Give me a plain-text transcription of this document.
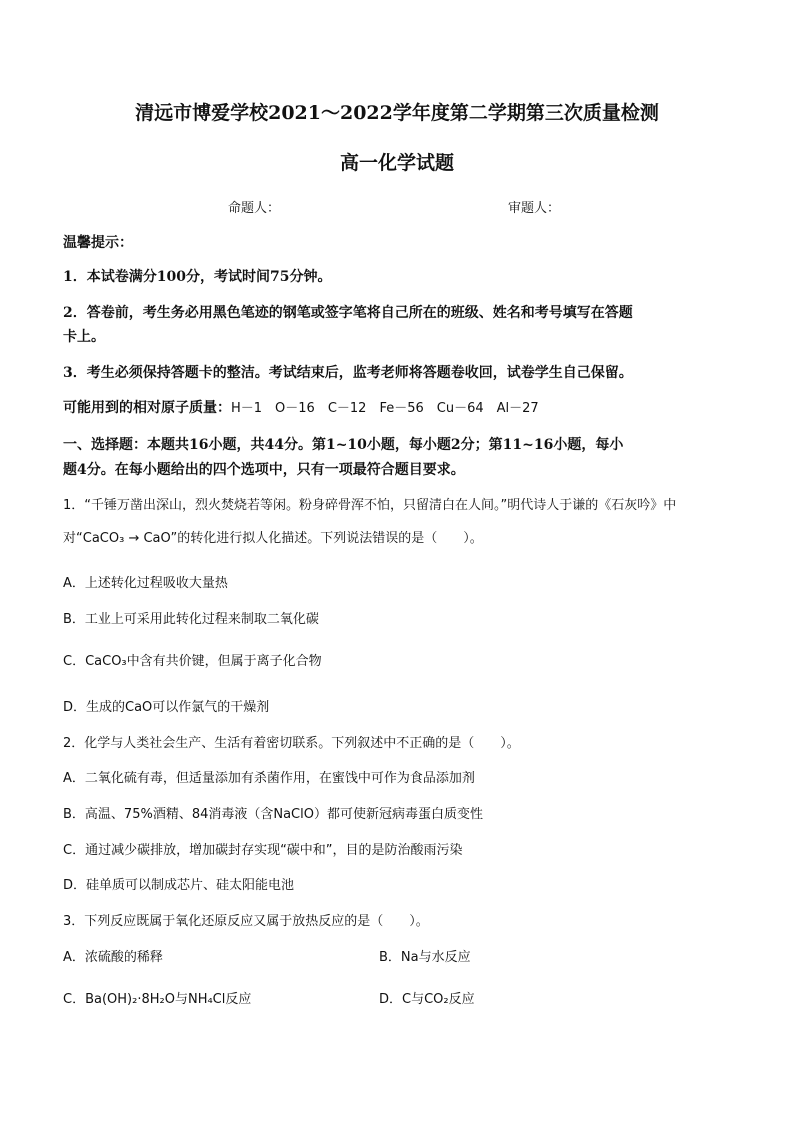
清远市博爱学校2021～2022学年度第二学期第三次质量检测
高一化学试题
命题人：	审题人：
温馨提示：
1．本试卷满分100分，考试时间75分钟。
2．答卷前，考生务必用黑色笔迹的钢笔或签字笔将自己所在的班级、姓名和考号填写在答题
卡上。
3．考生必须保持答题卡的整洁。考试结束后，监考老师将答题卷收回，试卷学生自己保留。
可能用到的相对原子质量：H－1　O－16　C－12　Fe－56　Cu－64　Al－27
一、选择题：本题共16小题，共44分。第1~10小题，每小题2分；第11~16小题，每小
题4分。在每小题给出的四个选项中，只有一项最符合题目要求。
1．“千锤万凿出深山，烈火焚烧若等闲。粉身碎骨浑不怕，只留清白在人间。”明代诗人于谦的《石灰吟》中
对“CaCO₃ → CaO”的转化进行拟人化描述。下列说法错误的是（　　）。
A．上述转化过程吸收大量热
B．工业上可采用此转化过程来制取二氧化碳
C．CaCO₃中含有共价键，但属于离子化合物
D．生成的CaO可以作氯气的干燥剂
2．化学与人类社会生产、生活有着密切联系。下列叙述中不正确的是（　　）。
A．二氧化硫有毒，但适量添加有杀菌作用，在蜜饯中可作为食品添加剂
B．高温、75%酒精、84消毒液（含NaClO）都可使新冠病毒蛋白质变性
C．通过减少碳排放，增加碳封存实现“碳中和”，目的是防治酸雨污染
D．硅单质可以制成芯片、硅太阳能电池
3．下列反应既属于氧化还原反应又属于放热反应的是（　　）。
A．浓硫酸的稀释	B．Na与水反应
C．Ba(OH)₂·8H₂O与NH₄Cl反应	D．C与CO₂反应
